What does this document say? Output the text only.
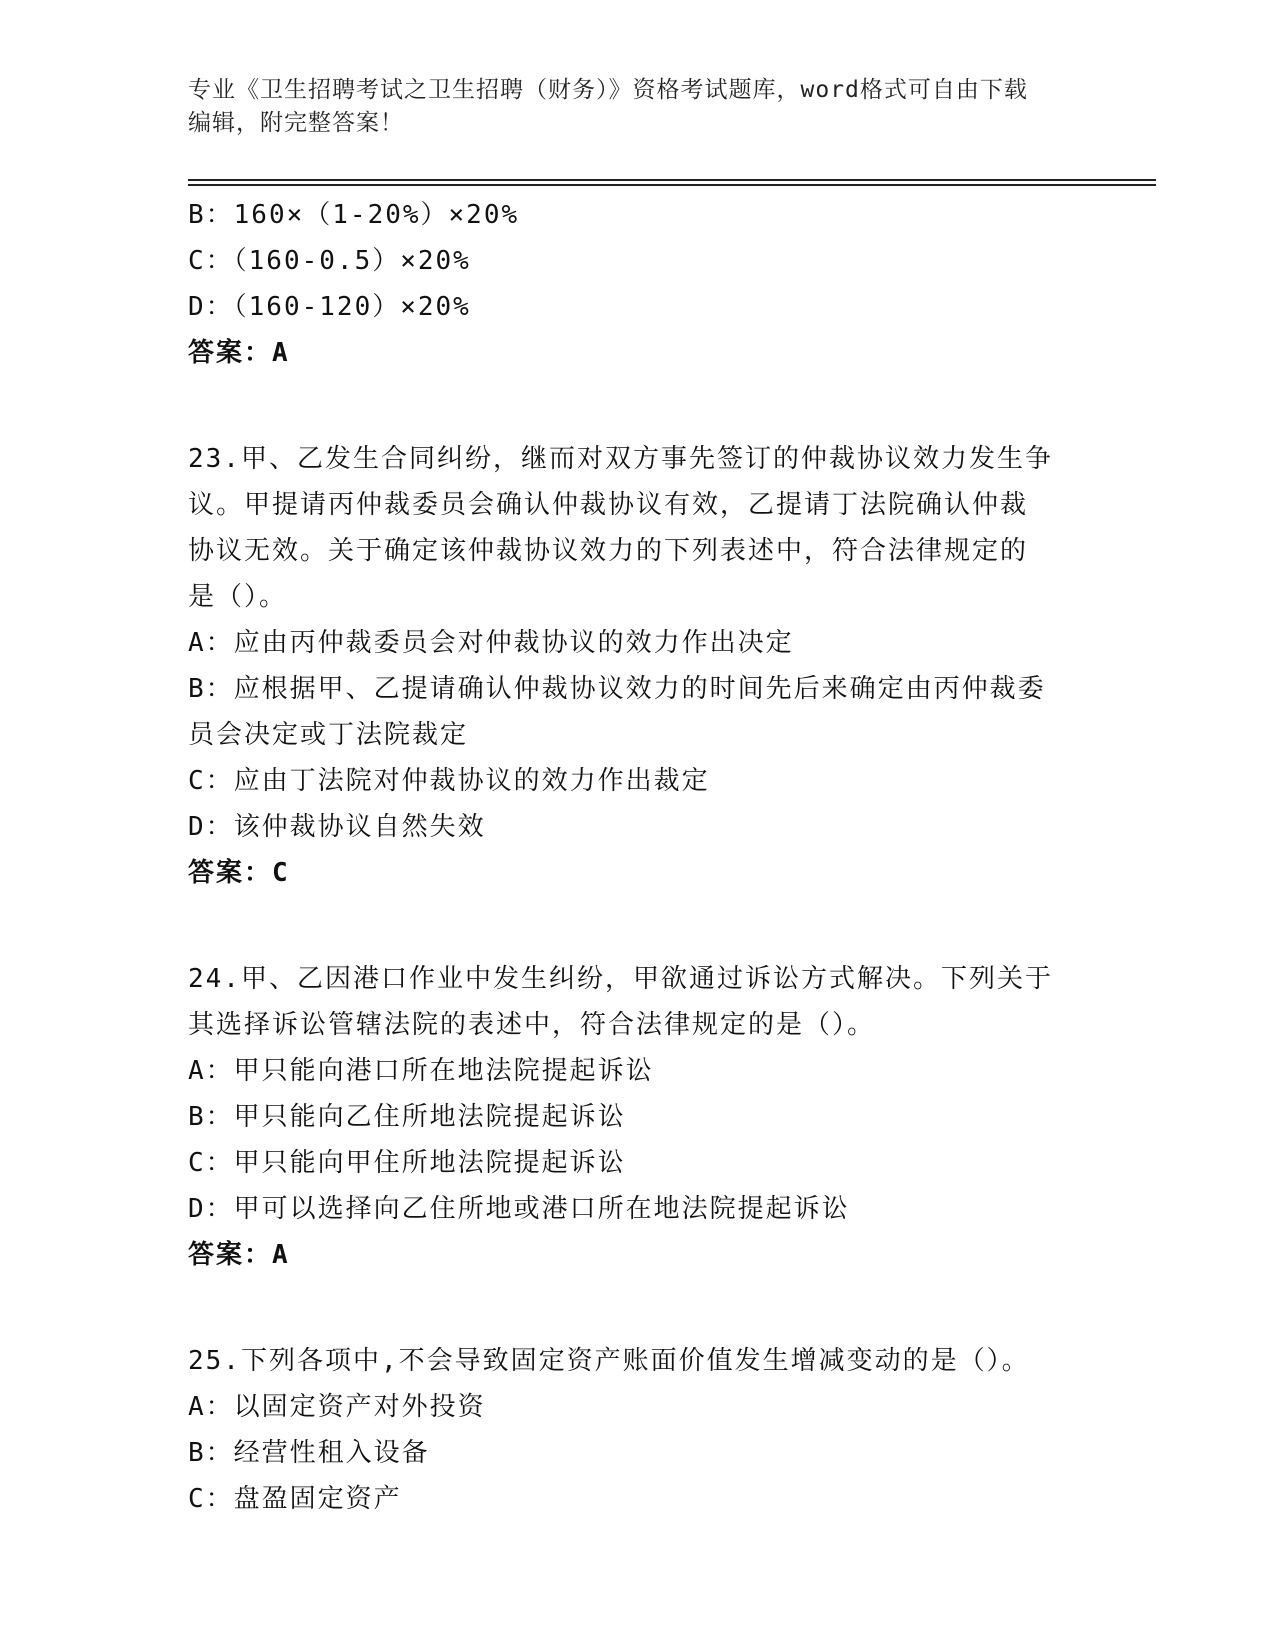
专业《卫生招聘考试之卫生招聘（财务）》资格考试题库，word格式可自由下载
编辑，附完整答案！

B：160×（1-20%）×20%

C：（160-0.5）×20%

D：（160-120）×20%

答案：A

23.甲、乙发生合同纠纷，继而对双方事先签订的仲裁协议效力发生争

议。甲提请丙仲裁委员会确认仲裁协议有效，乙提请丁法院确认仲裁

协议无效。关于确定该仲裁协议效力的下列表述中，符合法律规定的

是（）。

A：应由丙仲裁委员会对仲裁协议的效力作出决定

B：应根据甲、乙提请确认仲裁协议效力的时间先后来确定由丙仲裁委

员会决定或丁法院裁定

C：应由丁法院对仲裁协议的效力作出裁定

D：该仲裁协议自然失效

答案：C

24.甲、乙因港口作业中发生纠纷，甲欲通过诉讼方式解决。下列关于

其选择诉讼管辖法院的表述中，符合法律规定的是（）。

A：甲只能向港口所在地法院提起诉讼

B：甲只能向乙住所地法院提起诉讼

C：甲只能向甲住所地法院提起诉讼

D：甲可以选择向乙住所地或港口所在地法院提起诉讼

答案：A

25.下列各项中,不会导致固定资产账面价值发生增减变动的是（）。

A：以固定资产对外投资

B：经营性租入设备

C：盘盈固定资产
